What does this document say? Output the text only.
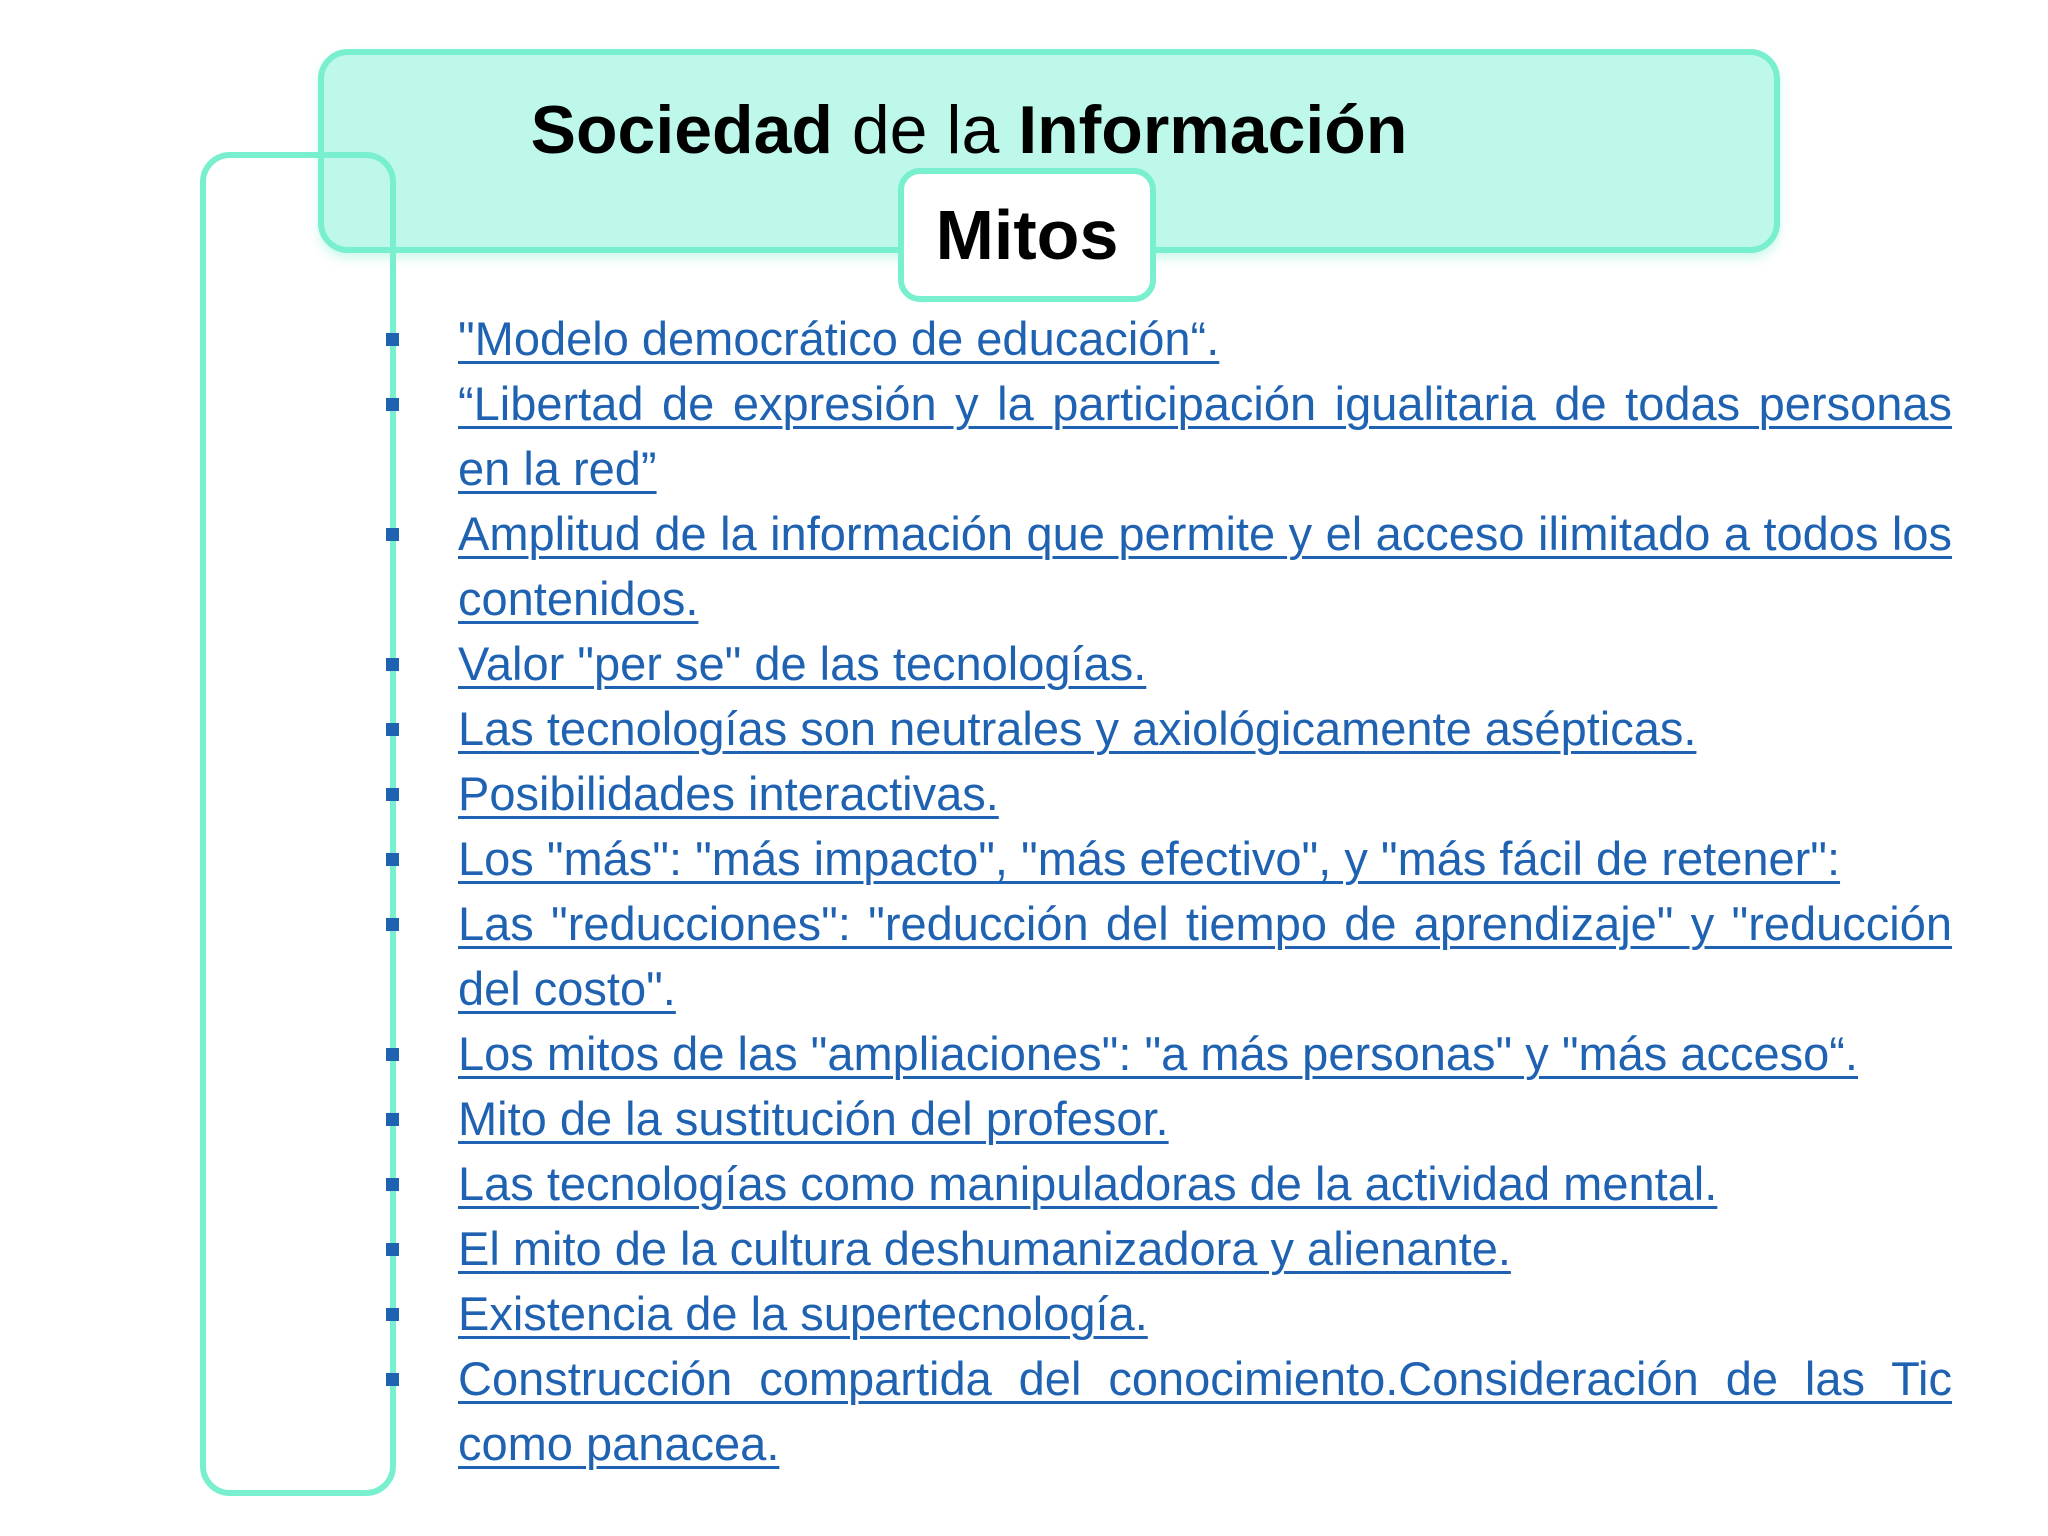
Sociedad de la Información
Mitos
"Modelo democrático de educación“.
“Libertad de expresión y la participación igualitaria de todas personas en la red”
Amplitud de la información que permite y el acceso ilimitado a todos los contenidos.
Valor "per se" de las tecnologías.
Las tecnologías son neutrales y axiológicamente asépticas.
Posibilidades interactivas.
Los "más": "más impacto", "más efectivo", y "más fácil de retener":
Las "reducciones": "reducción del tiempo de aprendizaje" y "reducción del costo".
Los mitos de las "ampliaciones": "a más personas" y "más acceso“.
Mito de la sustitución del profesor.
Las tecnologías como manipuladoras de la actividad mental.
El mito de la cultura deshumanizadora y alienante.
Existencia de la supertecnología.
Construcción compartida del conocimiento.Consideración de las Tic como panacea.
